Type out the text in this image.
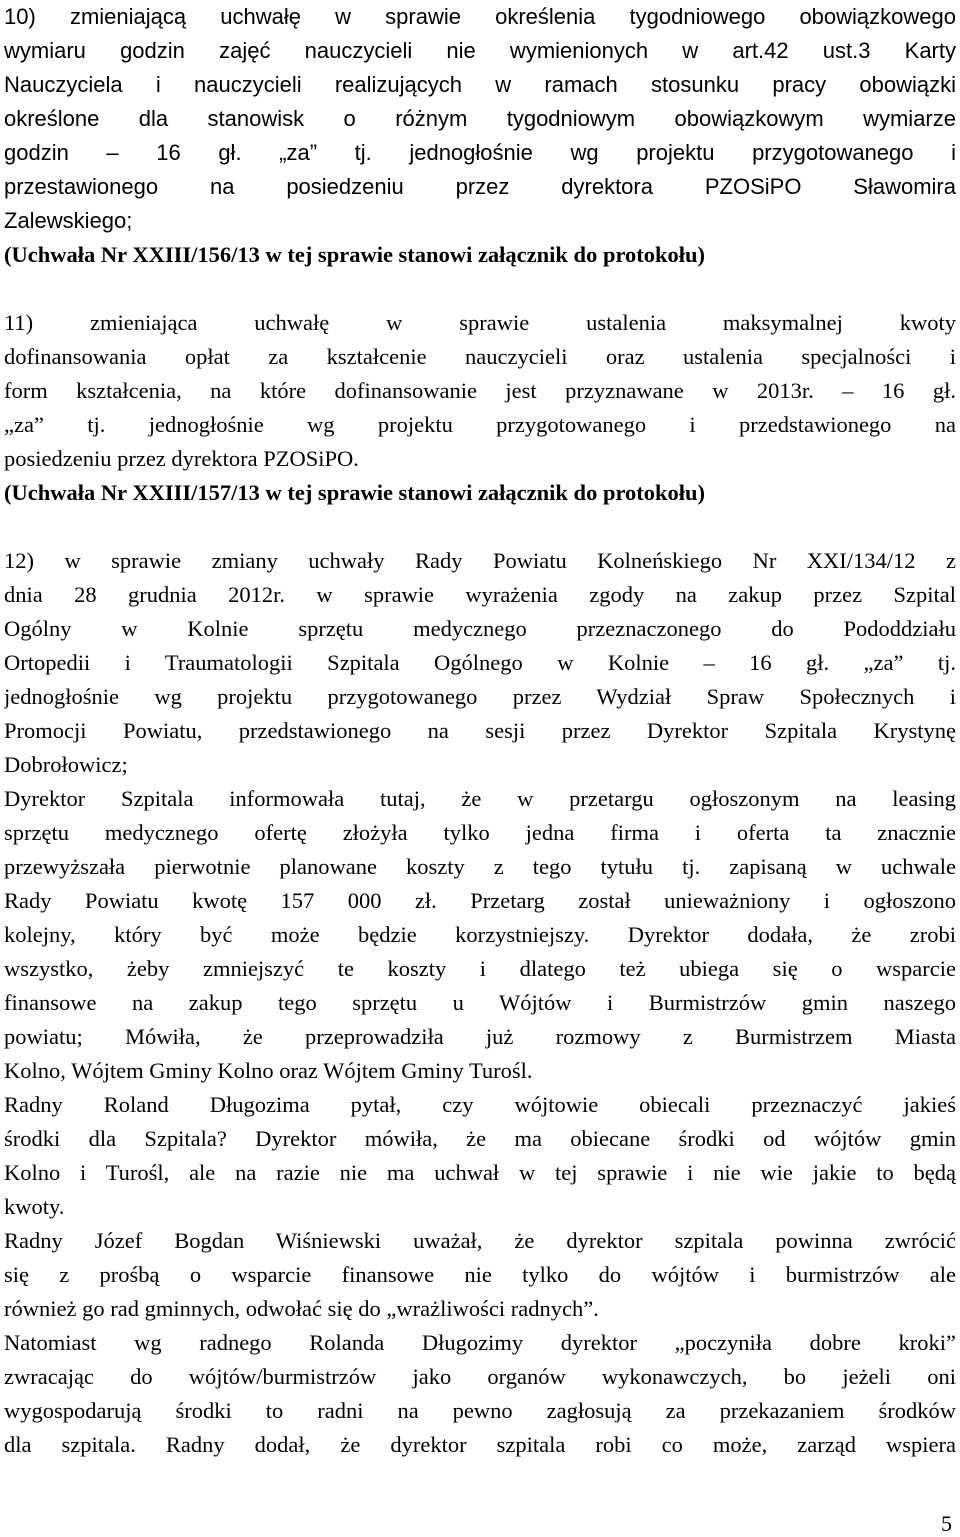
10) zmieniającą uchwałę w sprawie określenia tygodniowego obowiązkowego
wymiaru godzin zajęć nauczycieli nie wymienionych w art.42 ust.3 Karty
Nauczyciela i nauczycieli realizujących w ramach stosunku pracy obowiązki
określone dla stanowisk o różnym tygodniowym obowiązkowym wymiarze
godzin – 16 gł. „za” tj. jednogłośnie wg projektu przygotowanego i
przestawionego na posiedzeniu przez dyrektora PZOSiPO Sławomira
Zalewskiego;
(Uchwała Nr XXIII/156/13 w tej sprawie stanowi załącznik do protokołu)
11) zmieniająca uchwałę w sprawie ustalenia maksymalnej kwoty
dofinansowania opłat za kształcenie nauczycieli oraz ustalenia specjalności i
form kształcenia, na które dofinansowanie jest przyznawane w 2013r. – 16 gł.
„za” tj. jednogłośnie wg projektu przygotowanego i przedstawionego na
posiedzeniu przez dyrektora PZOSiPO.
(Uchwała Nr XXIII/157/13 w tej sprawie stanowi załącznik do protokołu)
12) w sprawie zmiany uchwały Rady Powiatu Kolneńskiego Nr XXI/134/12 z
dnia 28 grudnia 2012r. w sprawie wyrażenia zgody na zakup przez Szpital
Ogólny w Kolnie sprzętu medycznego przeznaczonego do Pododdziału
Ortopedii i Traumatologii Szpitala Ogólnego w Kolnie – 16 gł. „za” tj.
jednogłośnie wg projektu przygotowanego przez Wydział Spraw Społecznych i
Promocji Powiatu, przedstawionego na sesji przez Dyrektor Szpitala Krystynę
Dobrołowicz;
Dyrektor Szpitala informowała tutaj, że w przetargu ogłoszonym na leasing
sprzętu medycznego ofertę złożyła tylko jedna firma i oferta ta znacznie
przewyższała pierwotnie planowane koszty z tego tytułu tj. zapisaną w uchwale
Rady Powiatu kwotę 157 000 zł. Przetarg został unieważniony i ogłoszono
kolejny, który być może będzie korzystniejszy. Dyrektor dodała, że zrobi
wszystko, żeby zmniejszyć te koszty i dlatego też ubiega się o wsparcie
finansowe na zakup tego sprzętu u Wójtów i Burmistrzów gmin naszego
powiatu; Mówiła, że przeprowadziła już rozmowy z Burmistrzem Miasta
Kolno, Wójtem Gminy Kolno oraz Wójtem Gminy Turośl.
Radny Roland Długozima pytał, czy wójtowie obiecali przeznaczyć jakieś
środki dla Szpitala? Dyrektor mówiła, że ma obiecane środki od wójtów gmin
Kolno i Turośl, ale na razie nie ma uchwał w tej sprawie i nie wie jakie to będą
kwoty.
Radny Józef Bogdan Wiśniewski uważał, że dyrektor szpitala powinna zwrócić
się z prośbą o wsparcie finansowe nie tylko do wójtów i burmistrzów ale
również go rad gminnych, odwołać się do „wrażliwości radnych”.
Natomiast wg radnego Rolanda Długozimy dyrektor „poczyniła dobre kroki”
zwracając do wójtów/burmistrzów jako organów wykonawczych, bo jeżeli oni
wygospodarują środki to radni na pewno zagłosują za przekazaniem środków
dla szpitala. Radny dodał, że dyrektor szpitala robi co może, zarząd wspiera
5
